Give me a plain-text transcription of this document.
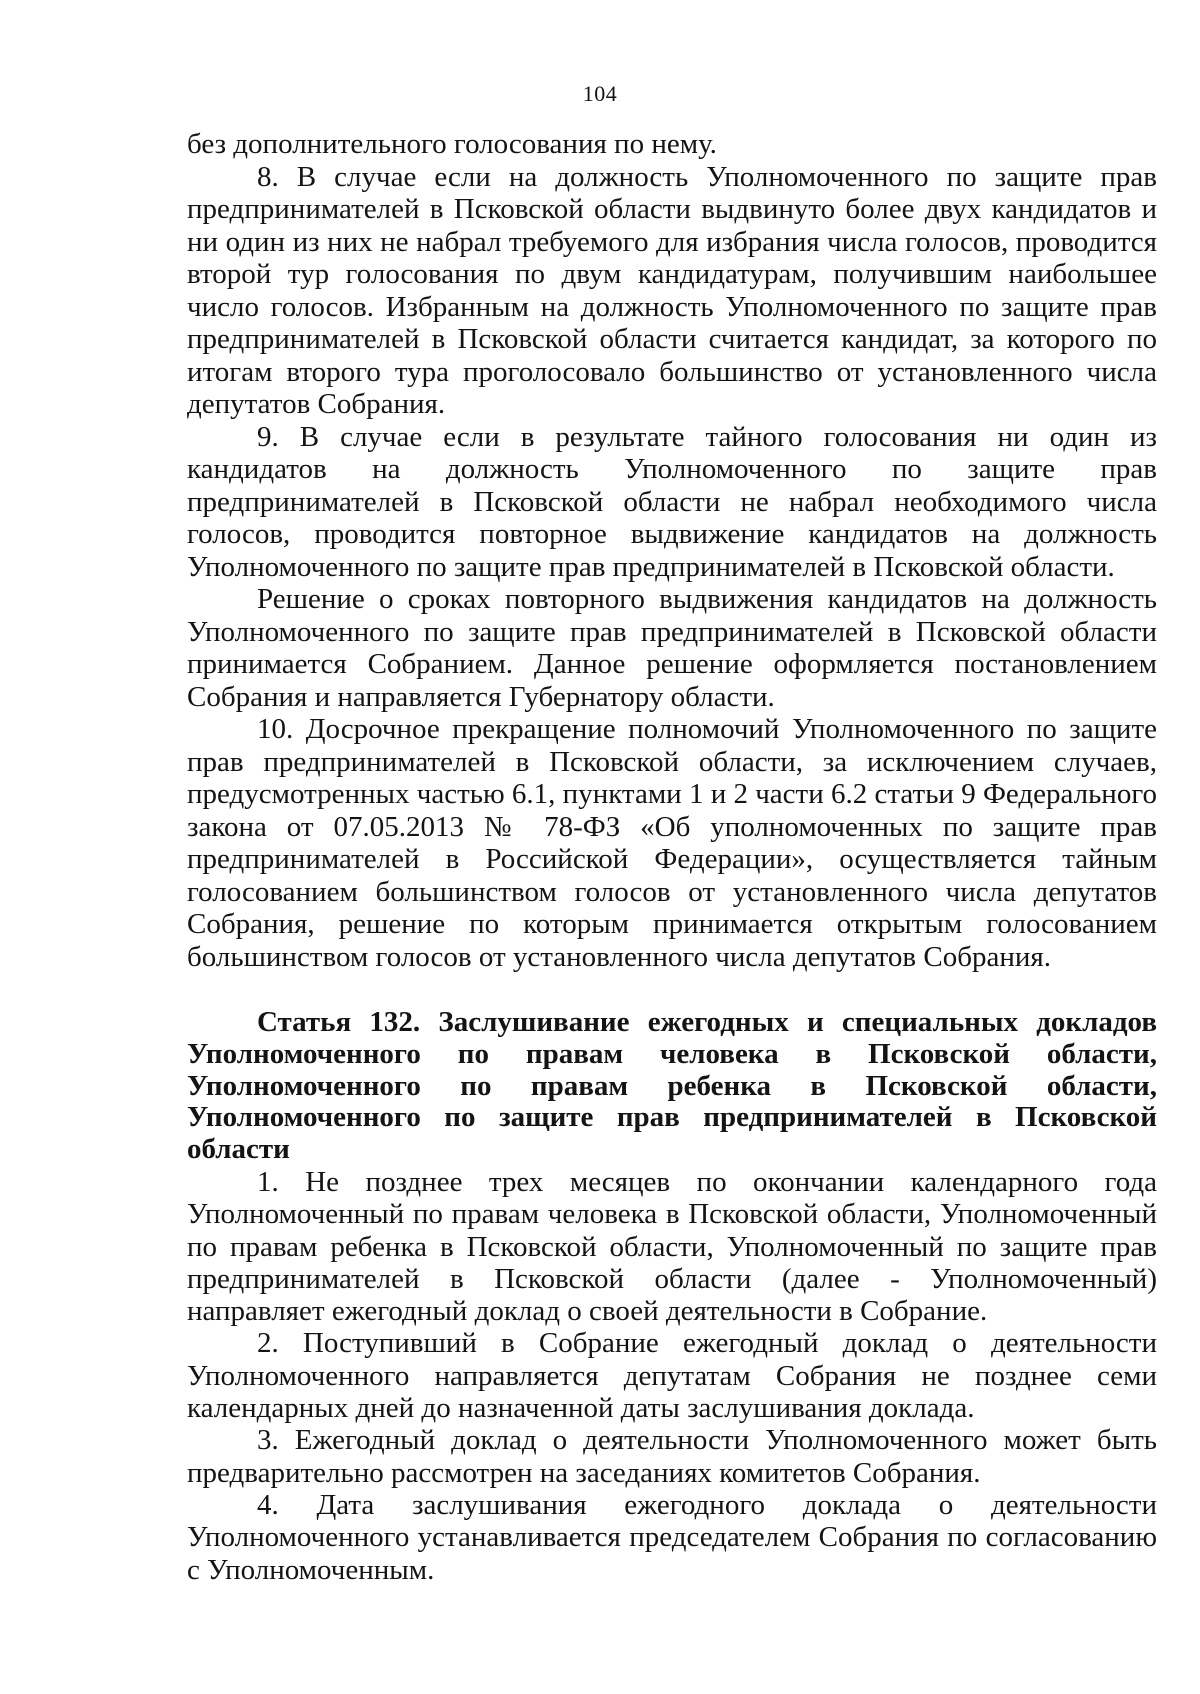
104

без дополнительного голосования по нему.

8. В случае если на должность Уполномоченного по защите прав предпринимателей в Псковской области выдвинуто более двух кандидатов и ни один из них не набрал требуемого для избрания числа голосов, проводится второй тур голосования по двум кандидатурам, получившим наибольшее число голосов. Избранным на должность Уполномоченного по защите прав предпринимателей в Псковской области считается кандидат, за которого по итогам второго тура проголосовало большинство от установленного числа депутатов Собрания.

9. В случае если в результате тайного голосования ни один из кандидатов на должность Уполномоченного по защите прав предпринимателей в Псковской области не набрал необходимого числа голосов, проводится повторное выдвижение кандидатов на должность Уполномоченного по защите прав предпринимателей в Псковской области.

Решение о сроках повторного выдвижения кандидатов на должность Уполномоченного по защите прав предпринимателей в Псковской области принимается Собранием. Данное решение оформляется постановлением Собрания и направляется Губернатору области.

10. Досрочное прекращение полномочий Уполномоченного по защите прав предпринимателей в Псковской области, за исключением случаев, предусмотренных частью 6.1, пунктами 1 и 2 части 6.2 статьи 9 Федерального закона от 07.05.2013 № 78-ФЗ «Об уполномоченных по защите прав предпринимателей в Российской Федерации», осуществляется тайным голосованием большинством голосов от установленного числа депутатов Собрания, решение по которым принимается открытым голосованием большинством голосов от установленного числа депутатов Собрания.

Статья 132. Заслушивание ежегодных и специальных докладов Уполномоченного по правам человека в Псковской области, Уполномоченного по правам ребенка в Псковской области, Уполномоченного по защите прав предпринимателей в Псковской области

1. Не позднее трех месяцев по окончании календарного года Уполномоченный по правам человека в Псковской области, Уполномоченный по правам ребенка в Псковской области, Уполномоченный по защите прав предпринимателей в Псковской области (далее - Уполномоченный) направляет ежегодный доклад о своей деятельности в Собрание.

2. Поступивший в Собрание ежегодный доклад о деятельности Уполномоченного направляется депутатам Собрания не позднее семи календарных дней до назначенной даты заслушивания доклада.

3. Ежегодный доклад о деятельности Уполномоченного может быть предварительно рассмотрен на заседаниях комитетов Собрания.

4. Дата заслушивания ежегодного доклада о деятельности Уполномоченного устанавливается председателем Собрания по согласованию с Уполномоченным.
